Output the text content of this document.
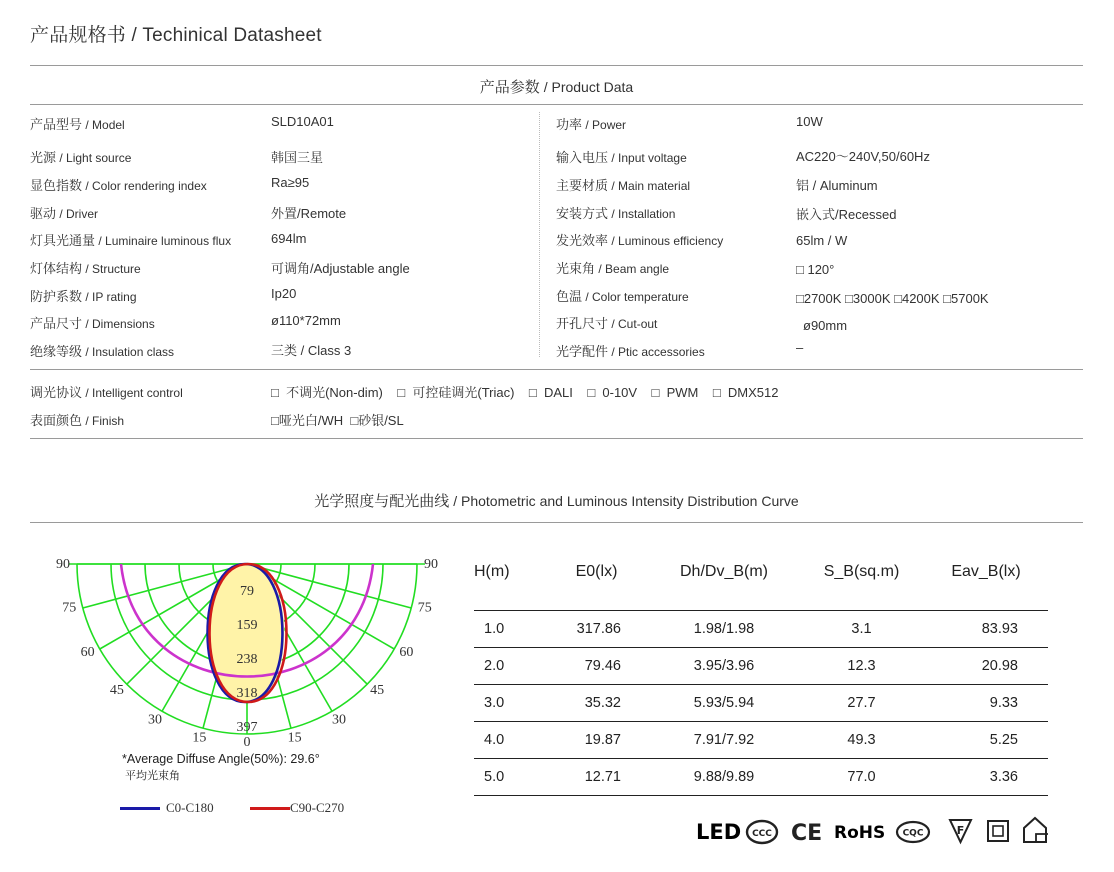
产品规格书 / Techinical Datasheet
产品参数 / Product Data
产品型号 / Model	SLD10A01
光源 / Light source	韩国三星
显色指数 / Color rendering index	Ra≥95
驱动 / Driver	外置/Remote
灯具光通量 / Luminaire luminous flux	694lm
灯体结构 / Structure	可调角/Adjustable angle
防护系数 / IP rating	Ip20
产品尺寸 / Dimensions	ø110*72mm
绝缘等级 / Insulation class	三类 / Class 3
功率 / Power	10W
输入电压 / Input voltage	AC220～240V,50/60Hz
主要材质 / Main material	铝 / Aluminum
安装方式 / Installation	嵌入式/Recessed
发光效率 / Luminous efficiency	65lm / W
光束角 / Beam angle	□ 120°
色温 / Color temperature	□2700K □3000K □4200K □5700K
开孔尺寸 / Cut-out	ø90mm
光学配件 / Ptic accessories	–
调光协议 / Intelligent control	□  不调光(Non-dim)    □  可控硅调光(Triac)    □  DALI    □  0-10V    □  PWM    □  DMX512
表面颜色 / Finish	□哑光白/WH  □砂银/SL
光学照度与配光曲线 / Photometric and Luminous Intensity Distribution Curve
90
75
60
45
30
15	0
90
75
60
45
30
15
79
159
238
318
397
*Average Diffuse Angle(50%): 29.6°
平均光束角
C0-C180	C90-C270
H(m)	E0(lx)	Dh/Dv_B(m)	S_B(sq.m)	Eav_B(lx)

1.0	317.86	1.98/1.98	3.1	83.93
2.0	79.46	3.95/3.96	12.3	20.98
3.0	35.32	5.93/5.94	27.7	9.33
4.0	19.87	7.91/7.92	49.3	5.25
5.0	12.71	9.88/9.89	77.0	3.36
LED CCC CE RoHS CQC	F
